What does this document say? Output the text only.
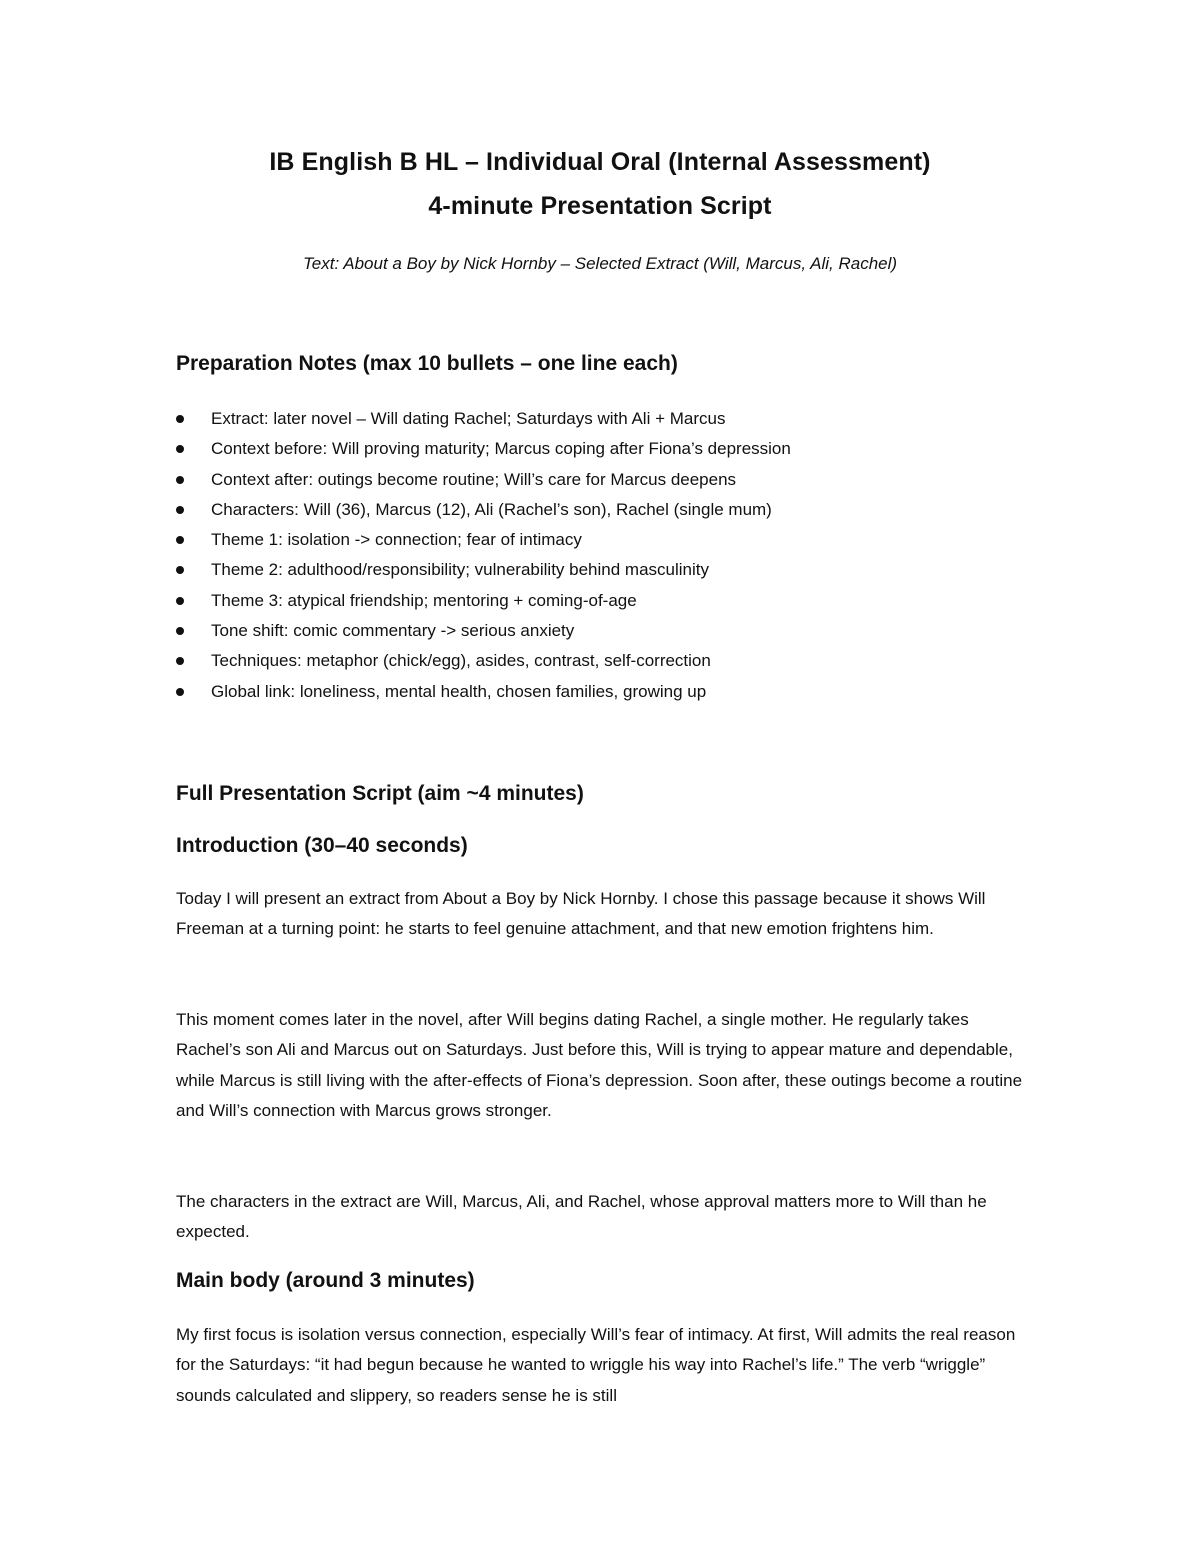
IB English B HL – Individual Oral (Internal Assessment)
4-minute Presentation Script
Text: About a Boy by Nick Hornby – Selected Extract (Will, Marcus, Ali, Rachel)
Preparation Notes (max 10 bullets – one line each)
Extract: later novel – Will dating Rachel; Saturdays with Ali + Marcus
Context before: Will proving maturity; Marcus coping after Fiona’s depression
Context after: outings become routine; Will’s care for Marcus deepens
Characters: Will (36), Marcus (12), Ali (Rachel’s son), Rachel (single mum)
Theme 1: isolation -> connection; fear of intimacy
Theme 2: adulthood/responsibility; vulnerability behind masculinity
Theme 3: atypical friendship; mentoring + coming-of-age
Tone shift: comic commentary -> serious anxiety
Techniques: metaphor (chick/egg), asides, contrast, self-correction
Global link: loneliness, mental health, chosen families, growing up
Full Presentation Script (aim ~4 minutes)
Introduction (30–40 seconds)
Today I will present an extract from About a Boy by Nick Hornby. I chose this passage because it shows Will Freeman at a turning point: he starts to feel genuine attachment, and that new emotion frightens him.
This moment comes later in the novel, after Will begins dating Rachel, a single mother. He regularly takes Rachel’s son Ali and Marcus out on Saturdays. Just before this, Will is trying to appear mature and dependable, while Marcus is still living with the after-effects of Fiona’s depression. Soon after, these outings become a routine and Will’s connection with Marcus grows stronger.
The characters in the extract are Will, Marcus, Ali, and Rachel, whose approval matters more to Will than he expected.
Main body (around 3 minutes)
My first focus is isolation versus connection, especially Will’s fear of intimacy. At first, Will admits the real reason for the Saturdays: “it had begun because he wanted to wriggle his way into Rachel’s life.” The verb “wriggle” sounds calculated and slippery, so readers sense he is still
